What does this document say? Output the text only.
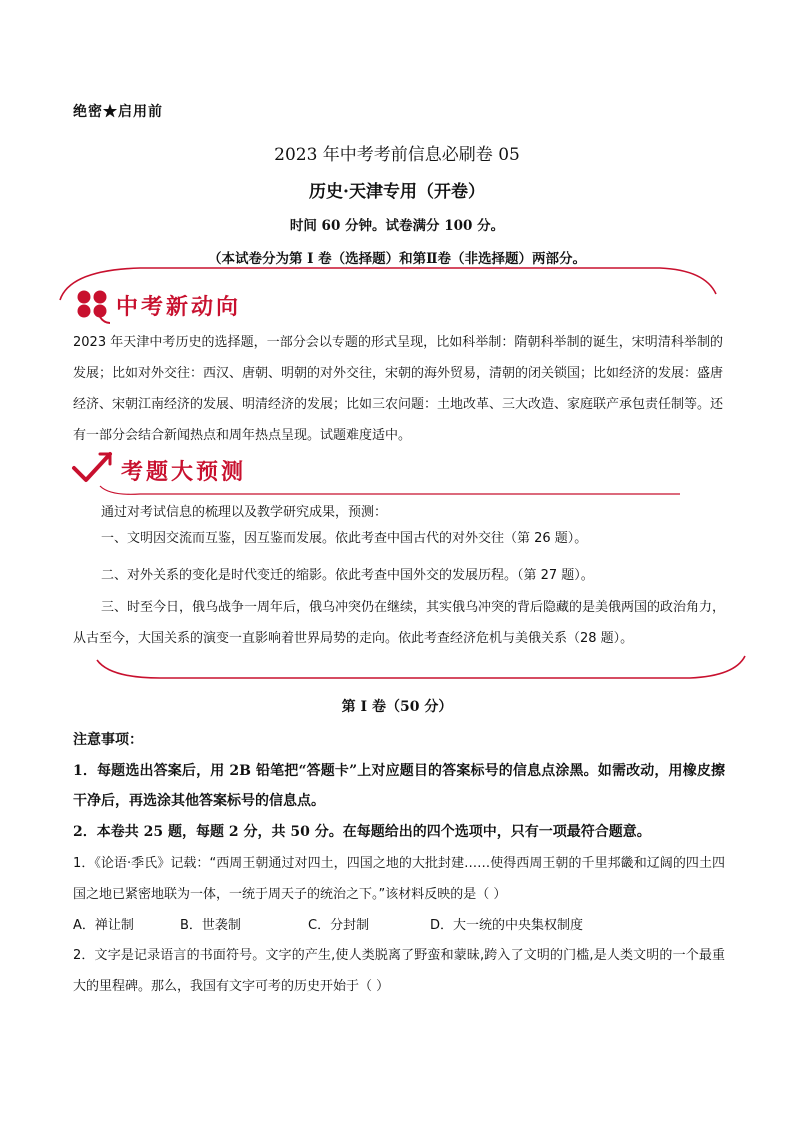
绝密★启用前
2023 年中考考前信息必刷卷 05
历史·天津专用（开卷）
时间 60 分钟。试卷满分 100 分。
（本试卷分为第 I 卷（选择题）和第Ⅱ卷（非选择题）两部分。
中考新动向
2023 年天津中考历史的选择题，一部分会以专题的形式呈现，比如科举制：隋朝科举制的诞生，宋明清科举制的发展；比如对外交往：西汉、唐朝、明朝的对外交往，宋朝的海外贸易，清朝的闭关锁国；比如经济的发展：盛唐经济、宋朝江南经济的发展、明清经济的发展；比如三农问题：土地改革、三大改造、家庭联产承包责任制等。还有一部分会结合新闻热点和周年热点呈现。试题难度适中。
考题大预测
通过对考试信息的梳理以及教学研究成果，预测：
一、文明因交流而互鉴，因互鉴而发展。依此考查中国古代的对外交往（第 26 题）。
二、对外关系的变化是时代变迁的缩影。依此考查中国外交的发展历程。（第 27 题）。
三、时至今日，俄乌战争一周年后，俄乌冲突仍在继续，其实俄乌冲突的背后隐藏的是美俄两国的政治角力，从古至今，大国关系的演变一直影响着世界局势的走向。依此考查经济危机与美俄关系（28 题）。
第 I 卷（50 分）
注意事项：
1．每题选出答案后，用 2B 铅笔把“答题卡”上对应题目的答案标号的信息点涂黑。如需改动，用橡皮擦干净后，再选涂其他答案标号的信息点。
2．本卷共 25 题，每题 2 分，共 50 分。在每题给出的四个选项中，只有一项最符合题意。
1．《论语·季氏》记载：“西周王朝通过对四土，四国之地的大批封建……使得西周王朝的千里邦畿和辽阔的四土四国之地已紧密地联为一体，一统于周天子的统治之下。”该材料反映的是（ ）
A．禅让制	B．世袭制	C．分封制	D．大一统的中央集权制度
2．文字是记录语言的书面符号。文字的产生,使人类脱离了野蛮和蒙昧,跨入了文明的门槛,是人类文明的一个最重大的里程碑。那么，我国有文字可考的历史开始于（ ）
